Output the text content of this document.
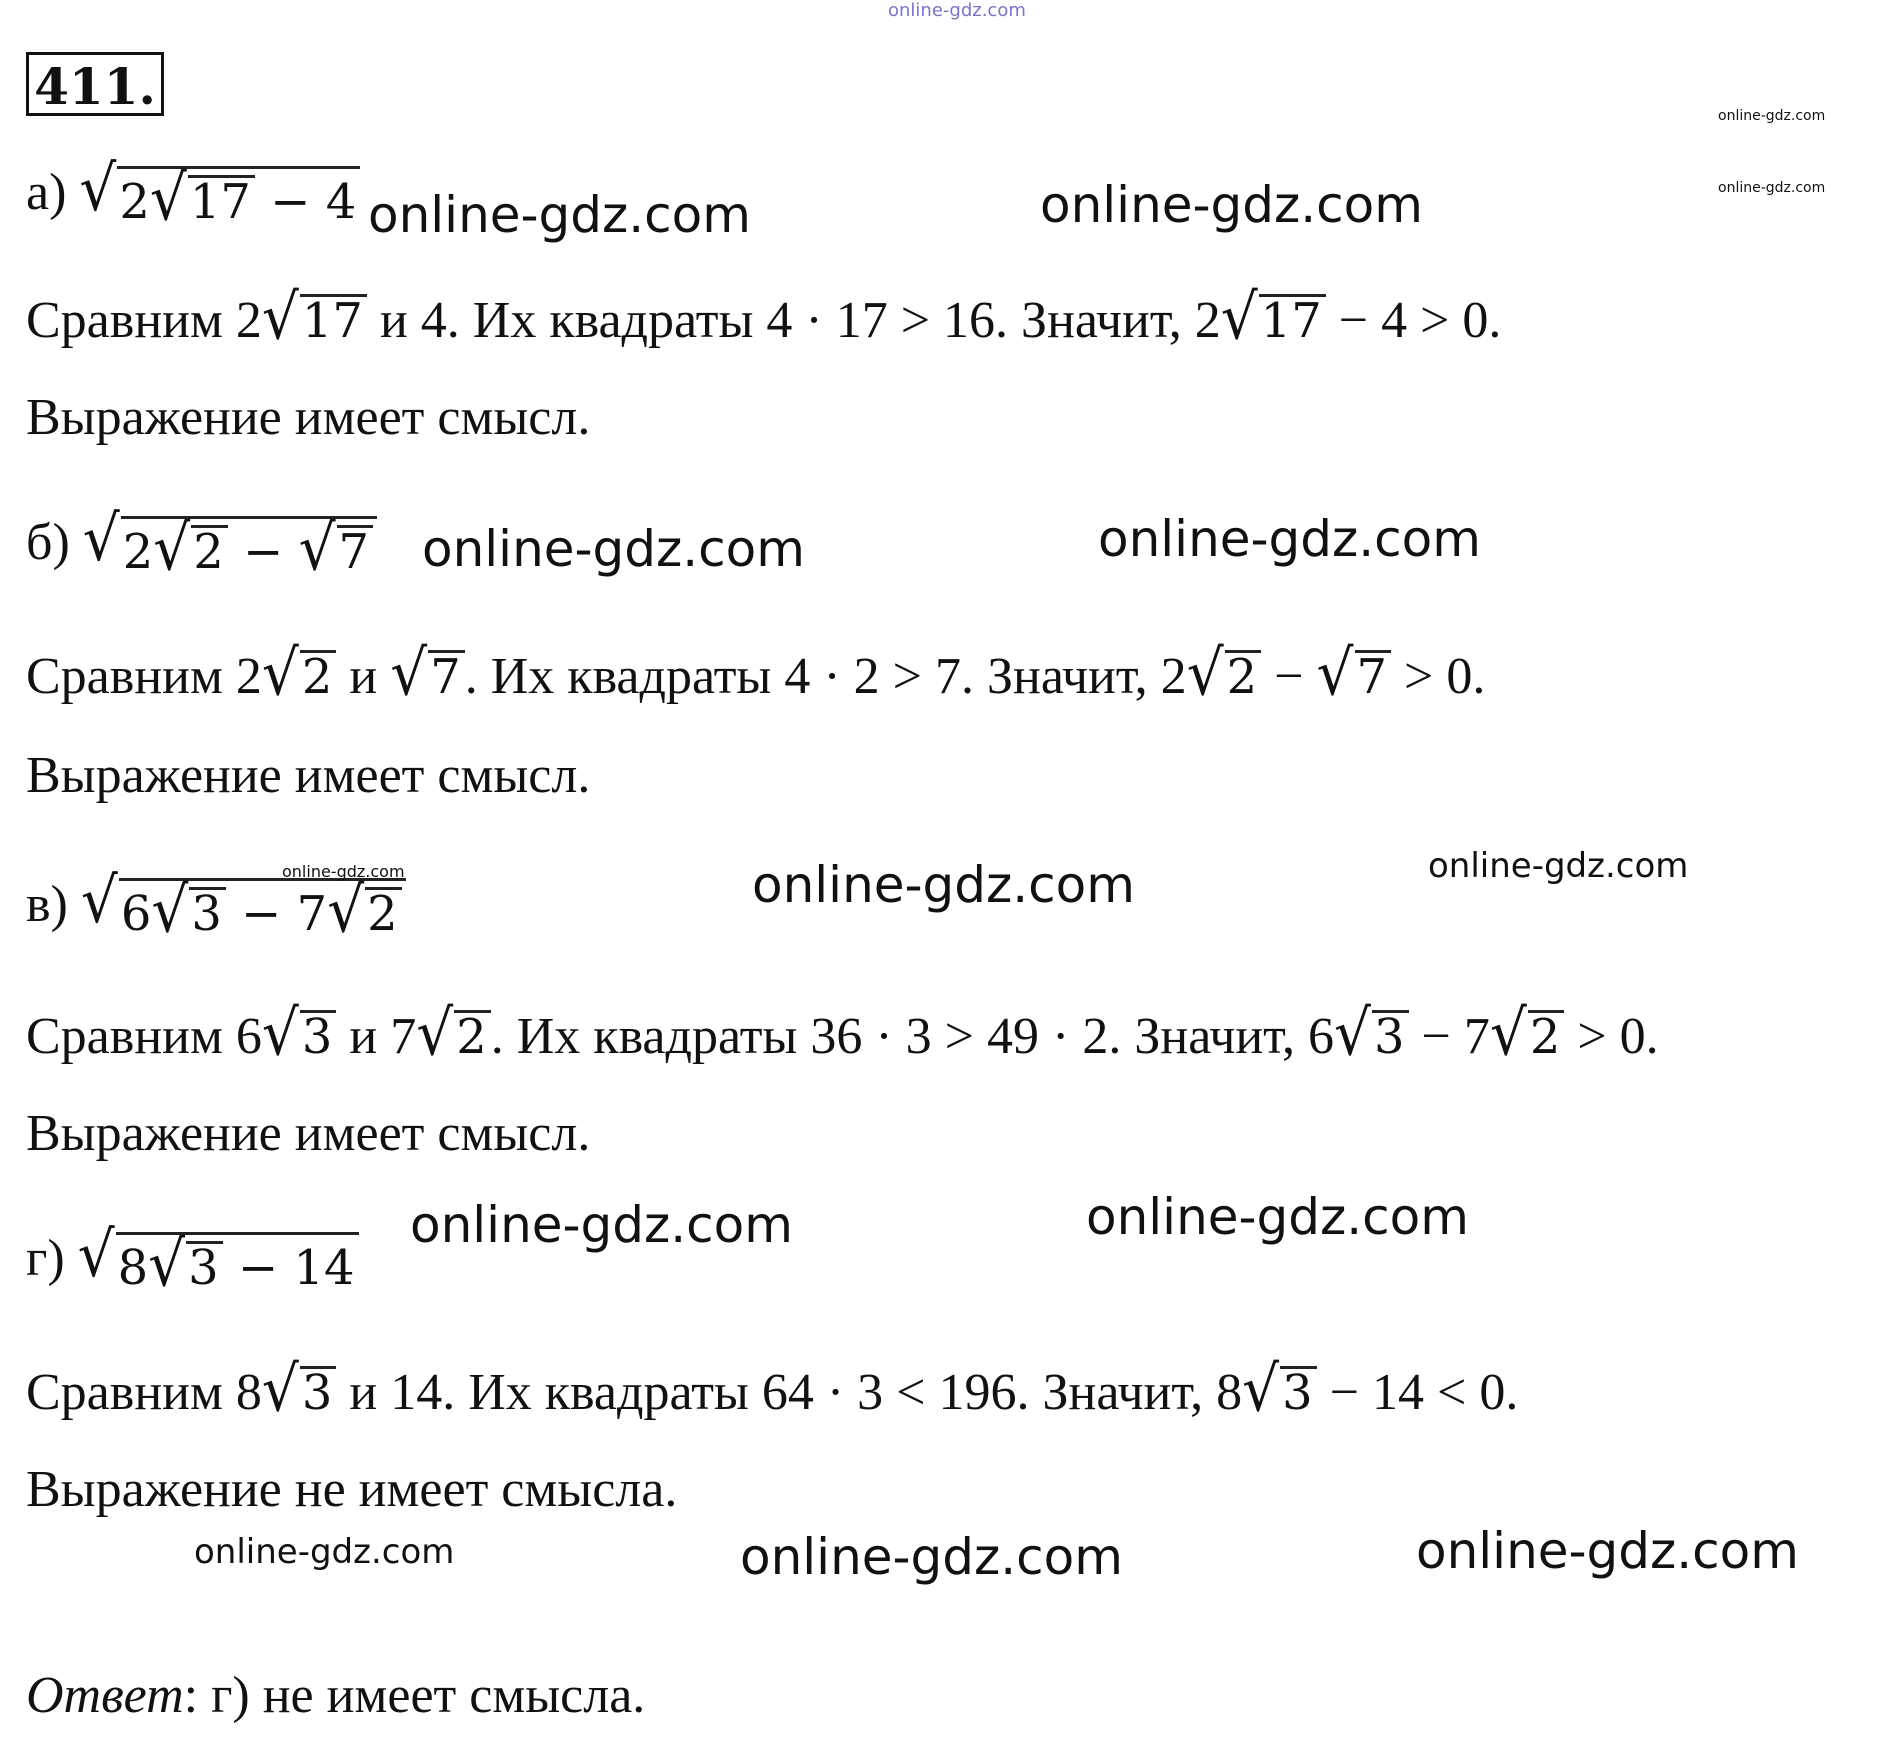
online-gdz.com
411.	online-gdz.com
online-gdz.com
а) √ 2 √ 17 − 4 online-gdz.com	online-gdz.com
Сравним 2 √ 17 и 4. Их квадраты 4 · 17 > 16. Значит, 2 √ 17 − 4 > 0.
Выражение имеет смысл.
б) √ 2 √ 2 − √ 7 online-gdz.com	online-gdz.com
Сравним 2 √ 2 и √ 7 . Их квадраты 4 · 2 > 7. Значит, 2 √ 2 − √ 7 > 0.
Выражение имеет смысл.
в) √ 6 √ 3 − 7 √ 2
online-gdz.com	online-gdz.com	online-gdz.com
Сравним 6 √ 3 и 7 √ 2 . Их квадраты 36 · 3 > 49 · 2. Значит, 6 √ 3 − 7 √ 2 > 0.
Выражение имеет смысл.
г) √ 8 √ 3 − 14
online-gdz.com	online-gdz.com
Сравним 8 √ 3 и 14. Их квадраты 64 · 3 < 196. Значит, 8 √ 3 − 14 < 0.
Выражение не имеет смысла.
online-gdz.com	online-gdz.com	online-gdz.com
Ответ: г) не имеет смысла.
